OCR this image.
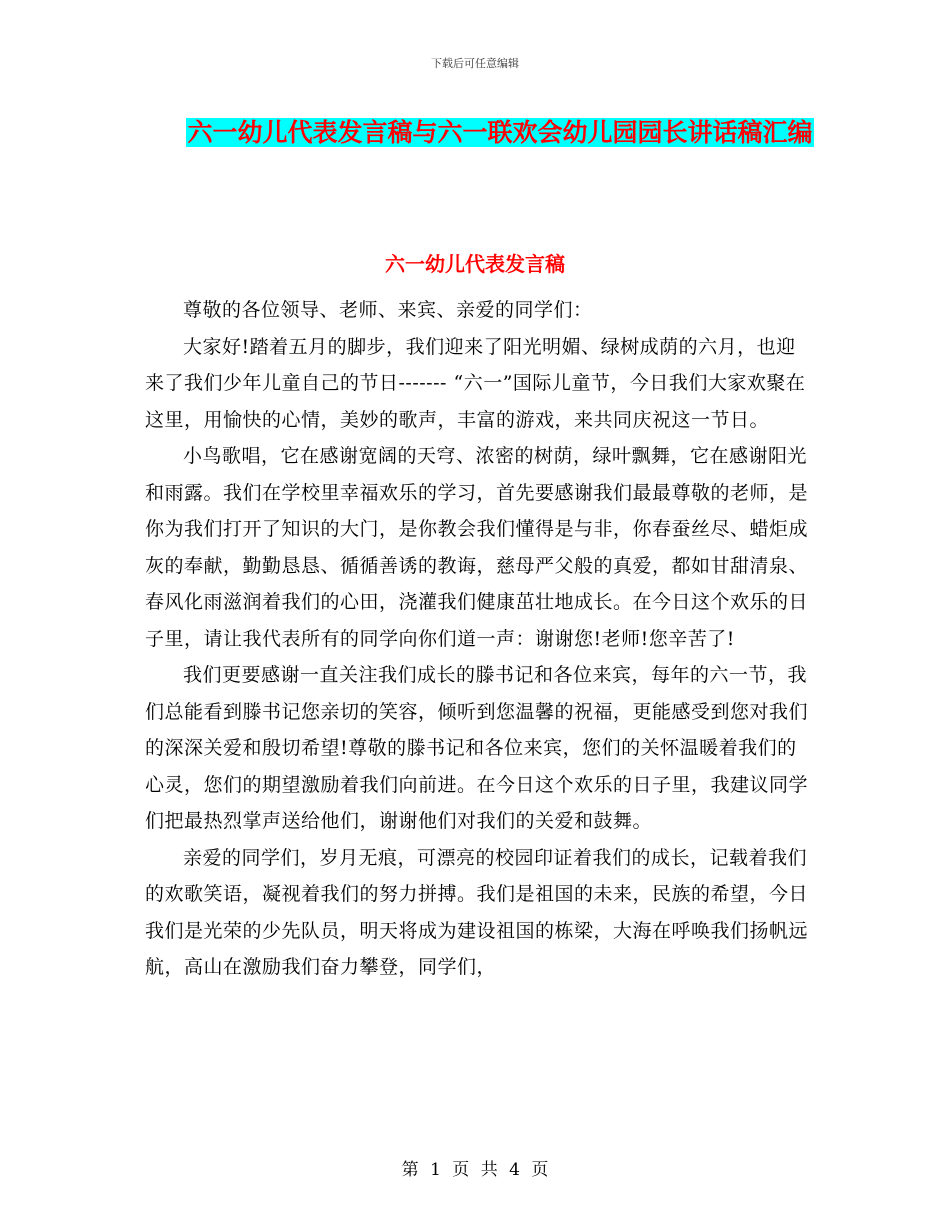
下载后可任意编辑
六一幼儿代表发言稿与六一联欢会幼儿园园长讲话稿汇编
六一幼儿代表发言稿

尊敬的各位领导、老师、来宾、亲爱的同学们：

大家好!踏着五月的脚步，我们迎来了阳光明媚、绿树成荫的六月，也迎来了我们少年儿童自己的节日------- “六一”国际儿童节，今日我们大家欢聚在这里，用愉快的心情，美妙的歌声，丰富的游戏，来共同庆祝这一节日。

小鸟歌唱，它在感谢宽阔的天穹、浓密的树荫，绿叶飘舞，它在感谢阳光和雨露。我们在学校里幸福欢乐的学习，首先要感谢我们最最尊敬的老师，是你为我们打开了知识的大门，是你教会我们懂得是与非，你春蚕丝尽、蜡炬成灰的奉献，勤勤恳恳、循循善诱的教诲，慈母严父般的真爱，都如甘甜清泉、春风化雨滋润着我们的心田，浇灌我们健康茁壮地成长。在今日这个欢乐的日子里，请让我代表所有的同学向你们道一声：谢谢您!老师!您辛苦了!

我们更要感谢一直关注我们成长的滕书记和各位来宾，每年的六一节，我们总能看到滕书记您亲切的笑容，倾听到您温馨的祝福，更能感受到您对我们的深深关爱和殷切希望!尊敬的滕书记和各位来宾，您们的关怀温暖着我们的心灵，您们的期望激励着我们向前进。在今日这个欢乐的日子里，我建议同学们把最热烈掌声送给他们，谢谢他们对我们的关爱和鼓舞。

亲爱的同学们，岁月无痕，可漂亮的校园印证着我们的成长，记载着我们的欢歌笑语，凝视着我们的努力拼搏。我们是祖国的未来，民族的希望，今日我们是光荣的少先队员，明天将成为建设祖国的栋梁，大海在呼唤我们扬帆远航，高山在激励我们奋力攀登，同学们，

第 1 页 共 4 页
